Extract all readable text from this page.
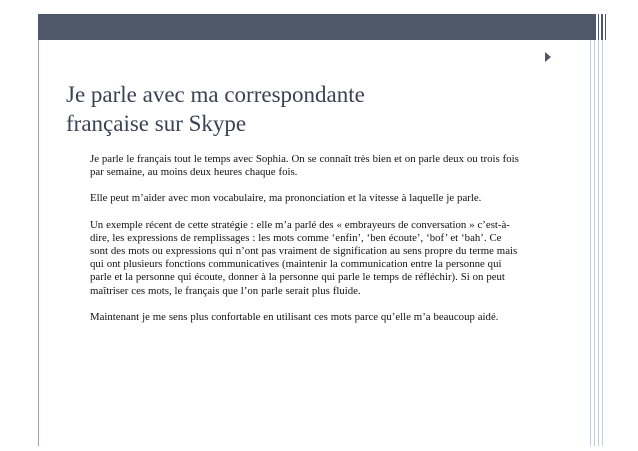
Je parle avec ma correspondante
française sur Skype

Je parle le français tout le temps avec Sophia. On se connaît très bien et on parle deux ou trois fois par semaine, au moins deux heures chaque fois.

Elle peut m’aider avec mon vocabulaire, ma prononciation et la vitesse à laquelle je parle.

Un exemple récent de cette stratégie : elle m’a parlé des « embrayeurs de conversation » c’est-à-dire, les expressions de remplissages : les mots comme ‘enfin’, ‘ben écoute’, ‘bof’ et ‘bah’. Ce sont des mots ou expressions qui n’ont pas vraiment de signification au sens propre du terme mais qui ont plusieurs fonctions communicatives (maintenir la communication entre la personne qui parle et la personne qui écoute, donner à la personne qui parle le temps de réfléchir). Si on peut maîtriser ces mots, le français que l’on parle serait plus fluide.

Maintenant je me sens plus confortable en utilisant ces mots parce qu’elle m’a beaucoup aidé.
